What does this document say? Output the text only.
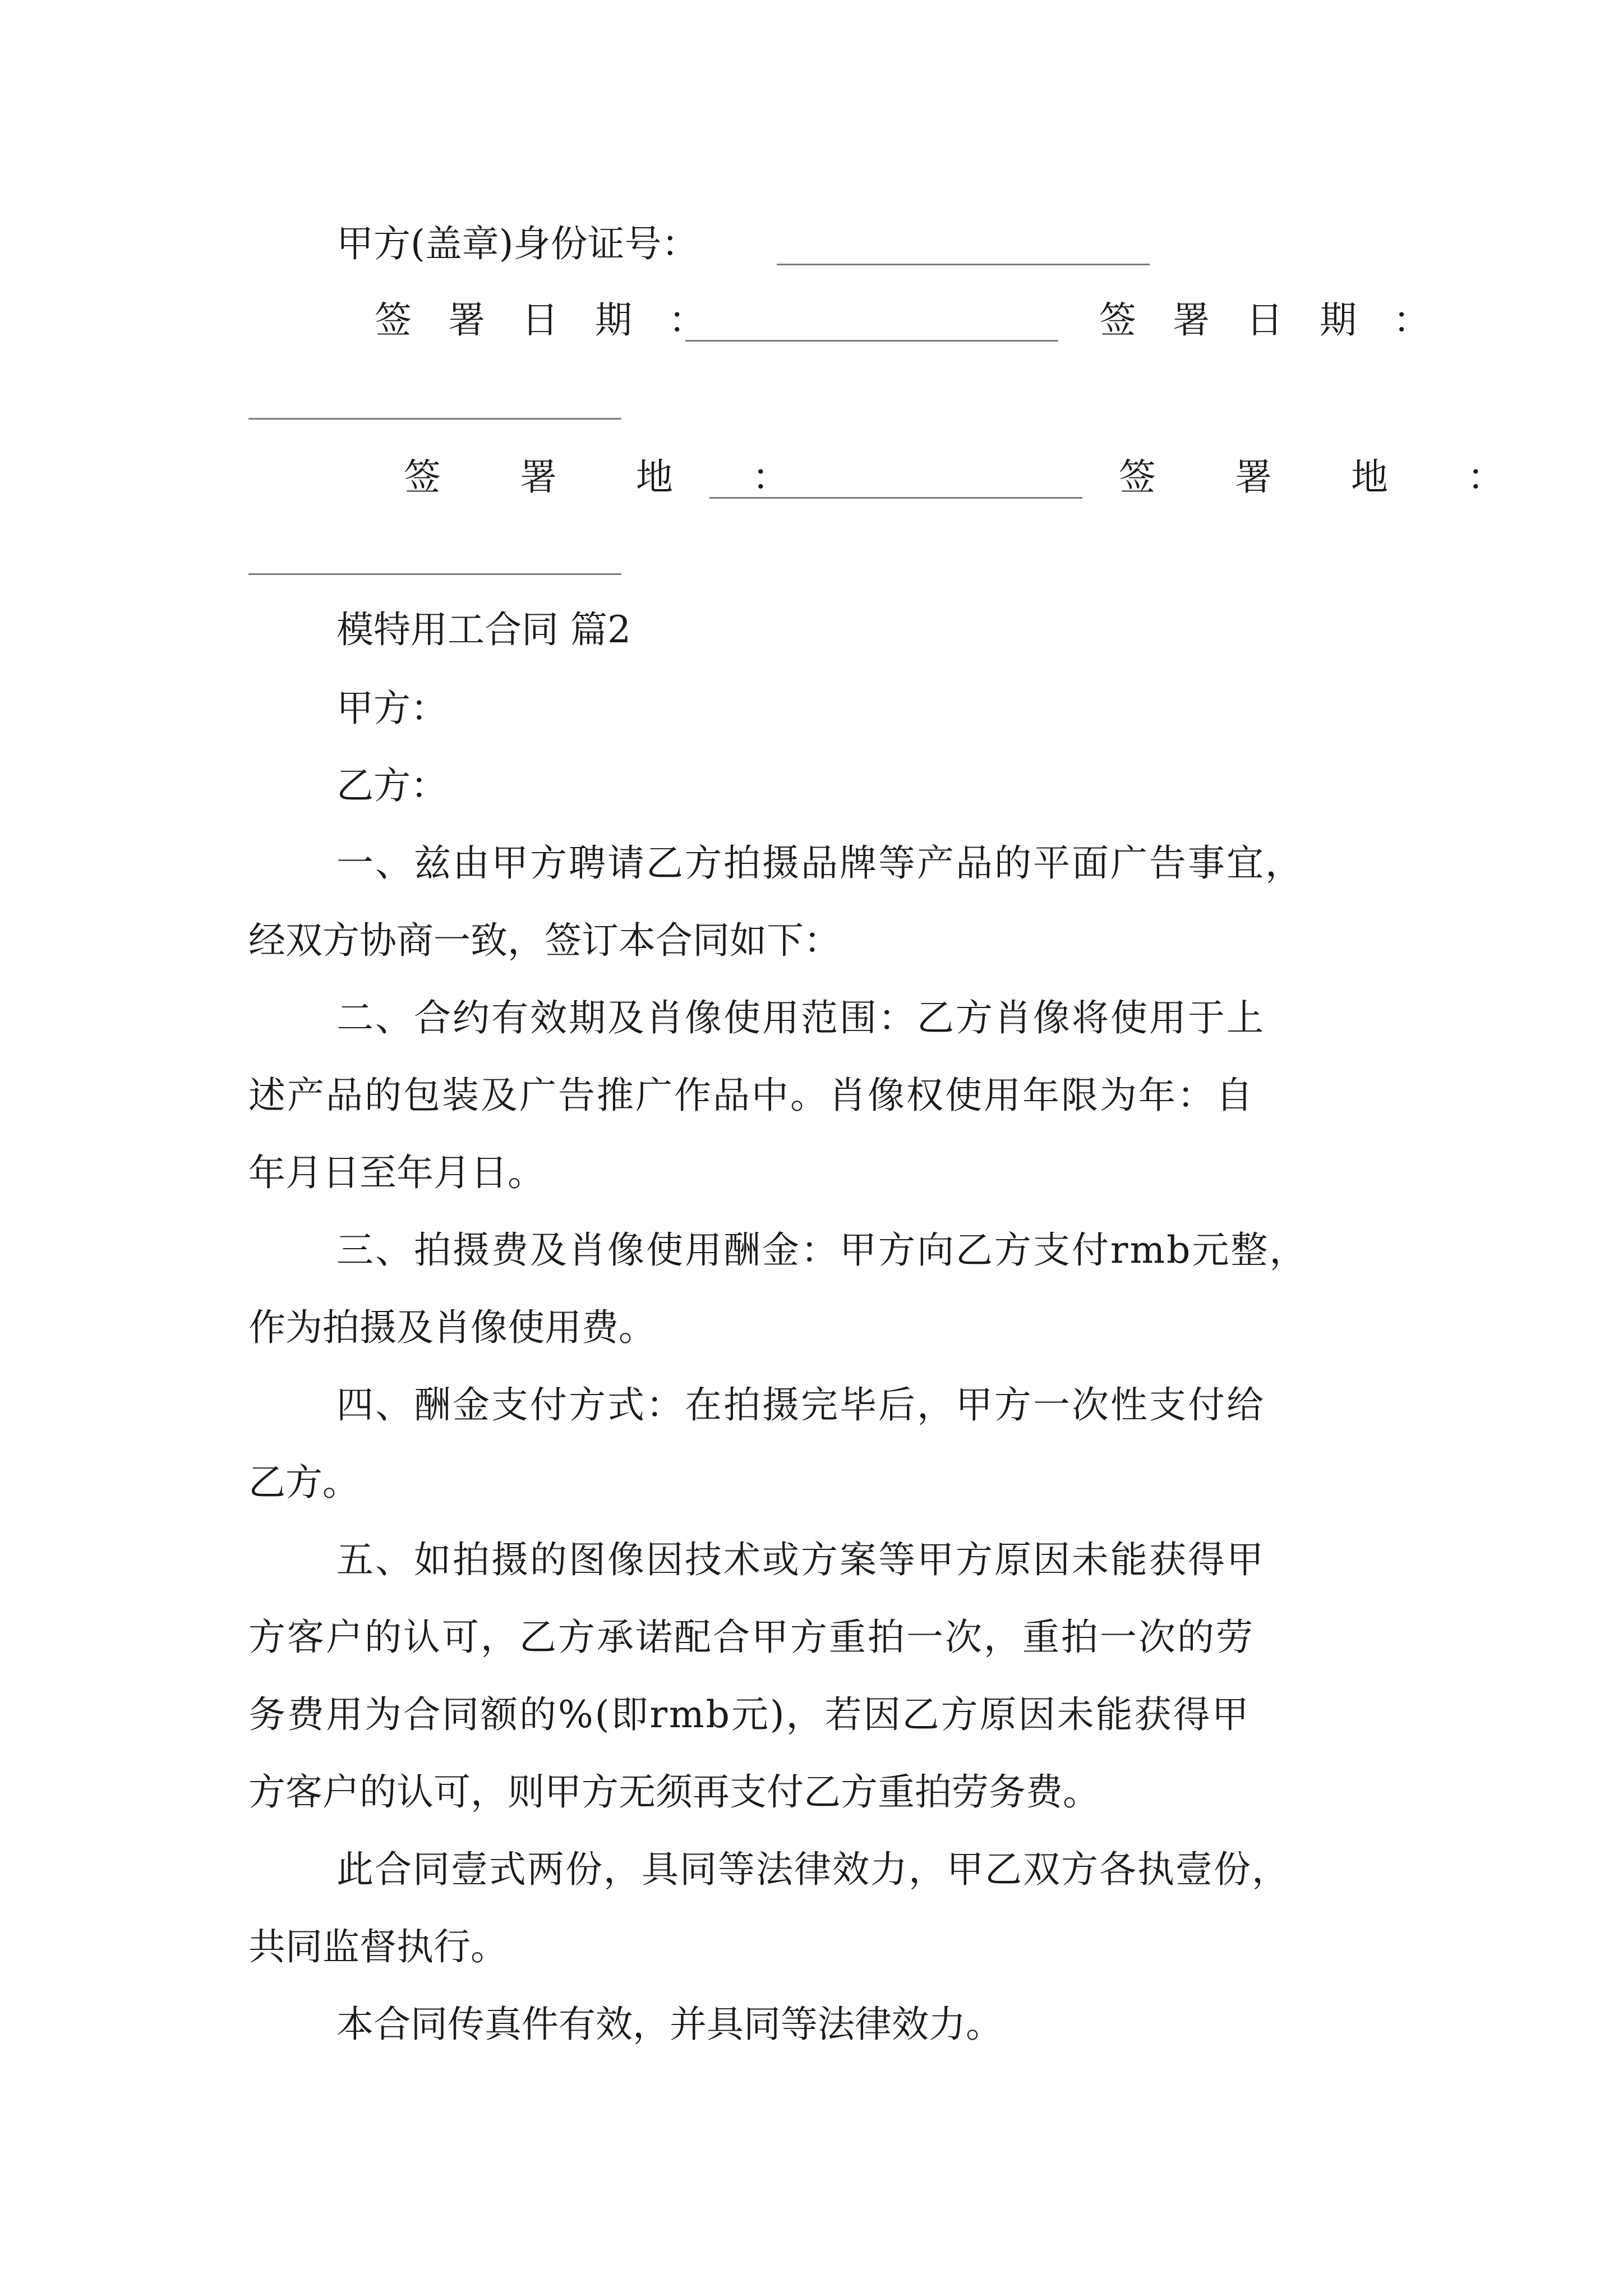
甲方(盖章)身份证号：
签 署 日 期 ：	签 署 日 期 ：
签 署 地 ：	签 署 地 ：
模特用工合同 篇2
甲方：
乙方：
一、兹由甲方聘请乙方拍摄品牌等产品的平面广告事宜，
经双方协商一致，签订本合同如下：
二、合约有效期及肖像使用范围：乙方肖像将使用于上
述产品的包装及广告推广作品中。肖像权使用年限为年：自
年月日至年月日。
三、拍摄费及肖像使用酬金：甲方向乙方支付rmb元整，
作为拍摄及肖像使用费。
四、酬金支付方式：在拍摄完毕后，甲方一次性支付给
乙方。
五、如拍摄的图像因技术或方案等甲方原因未能获得甲
方客户的认可，乙方承诺配合甲方重拍一次，重拍一次的劳
务费用为合同额的%(即rmb元)，若因乙方原因未能获得甲
方客户的认可，则甲方无须再支付乙方重拍劳务费。
此合同壹式两份，具同等法律效力，甲乙双方各执壹份，
共同监督执行。
本合同传真件有效，并具同等法律效力。
